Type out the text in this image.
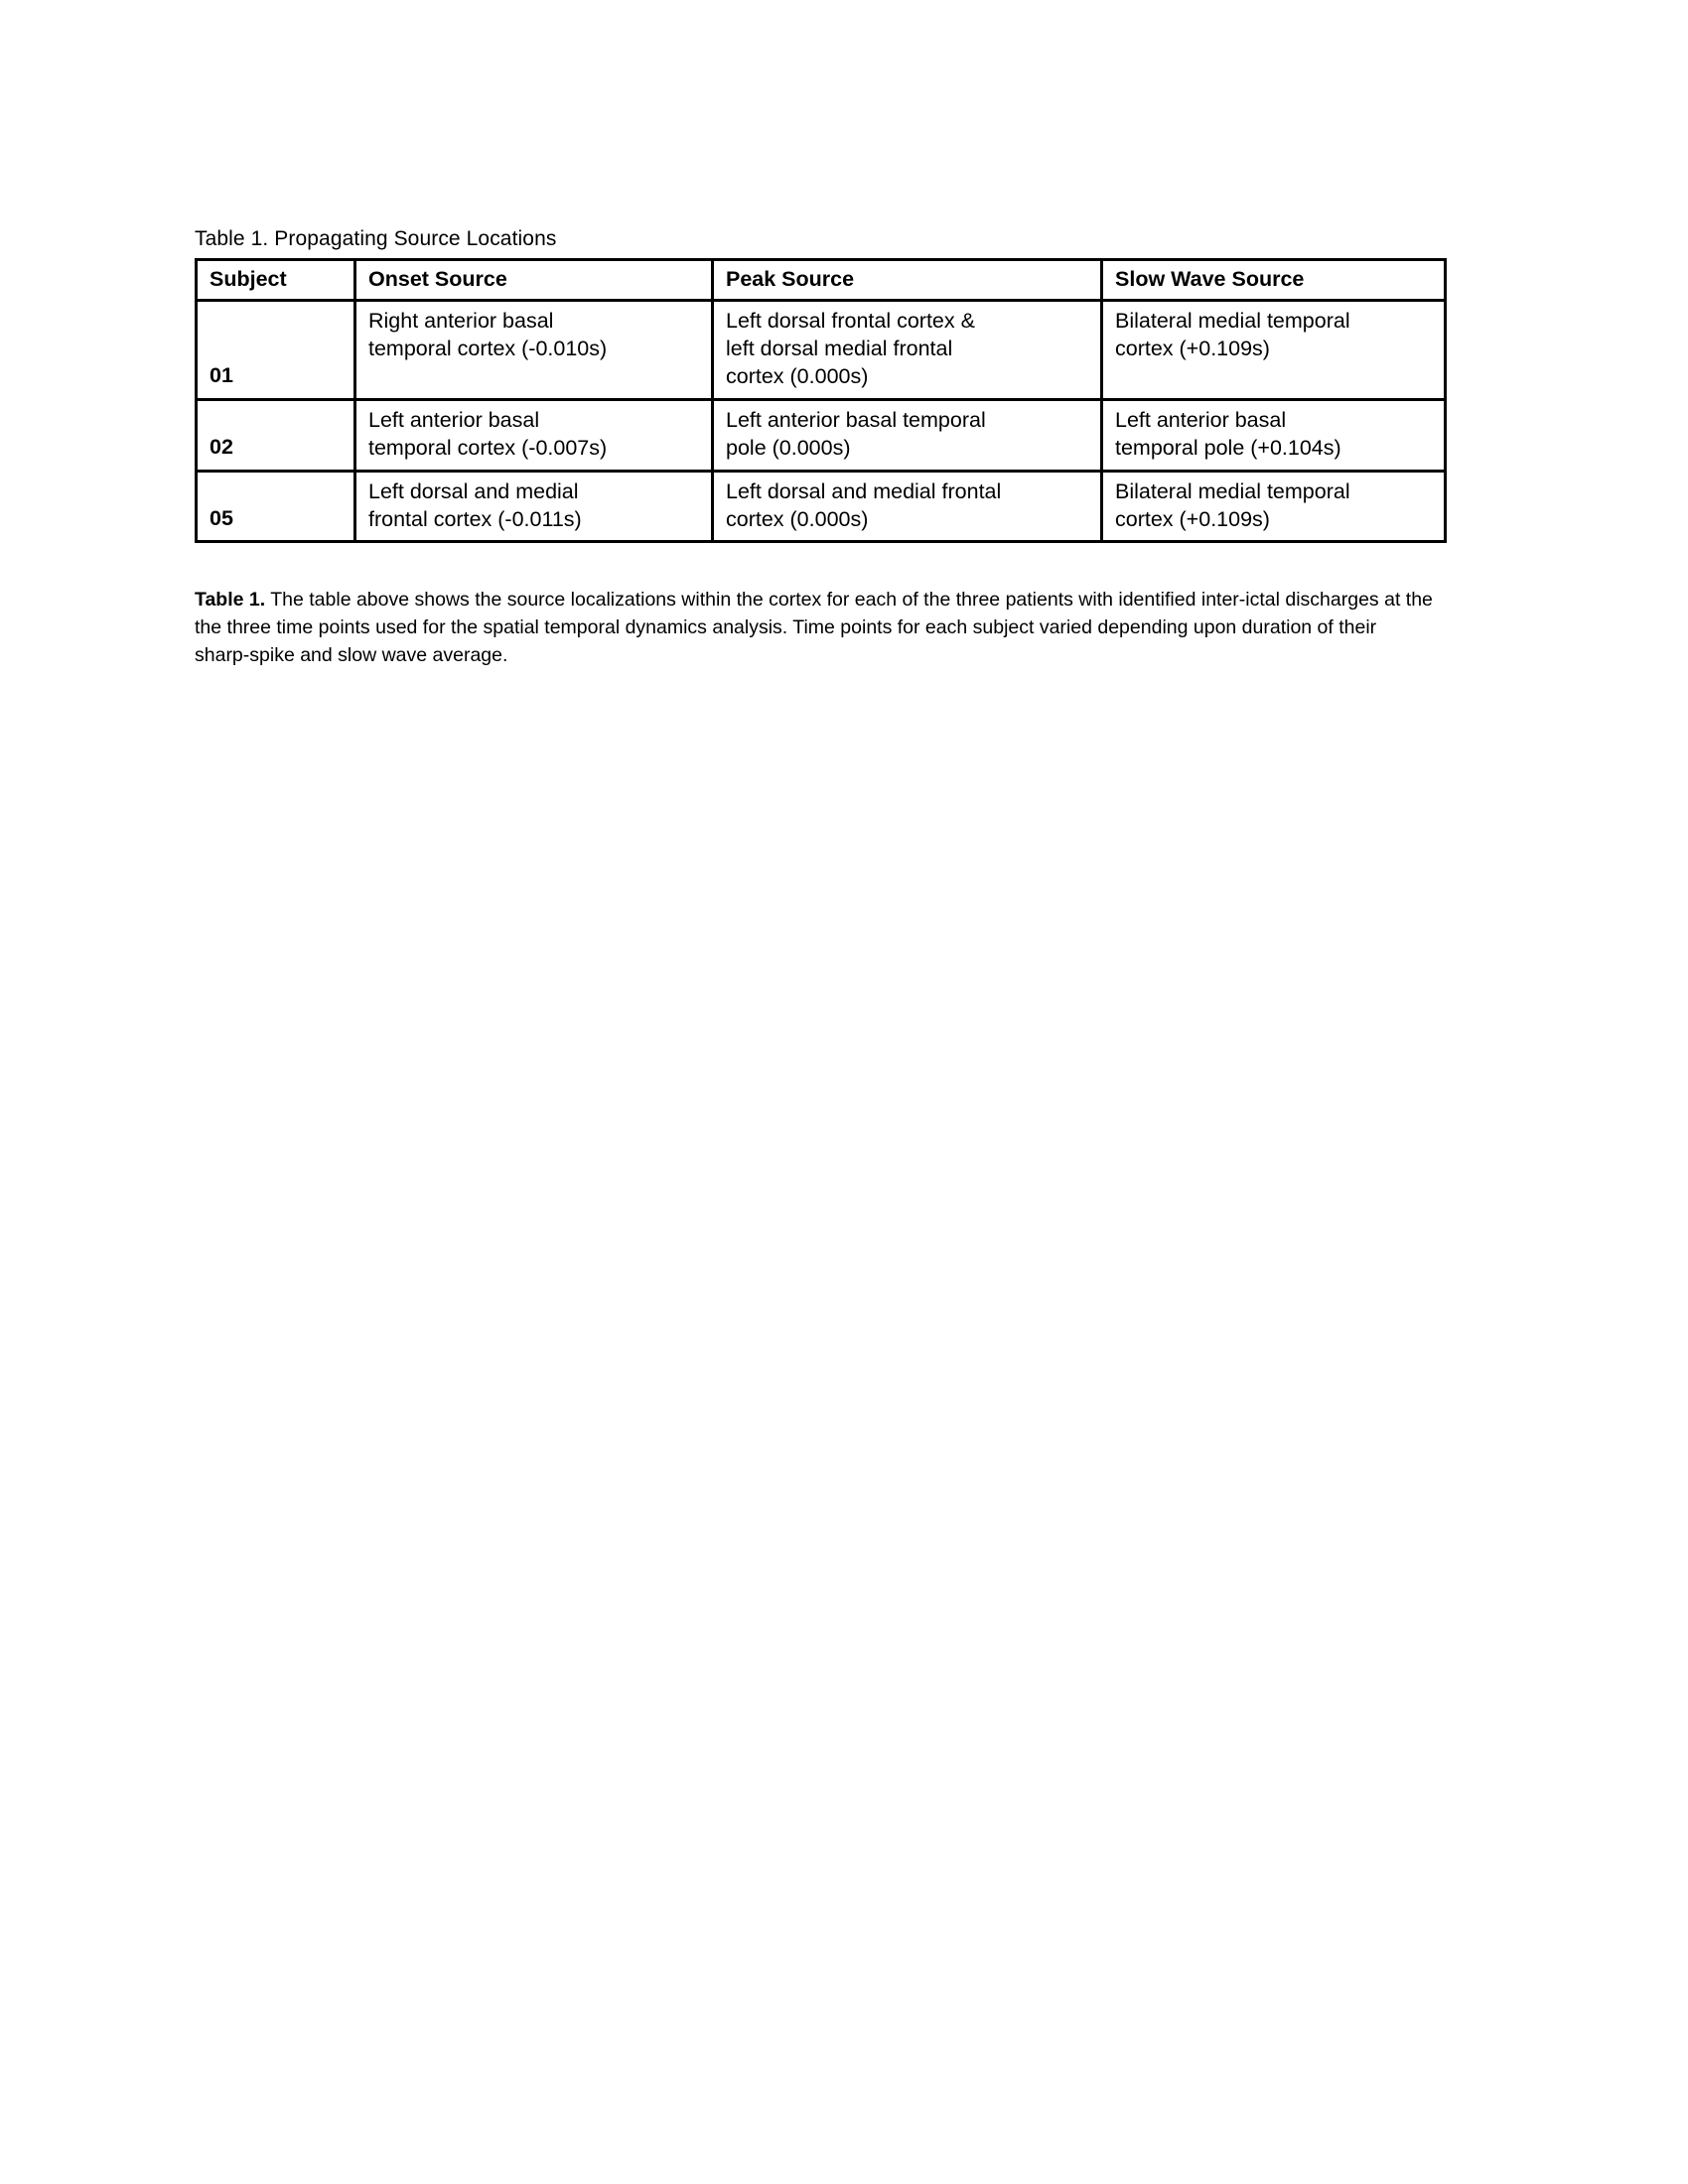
Table 1. Propagating Source Locations
Subject	Onset Source	Peak Source	Slow Wave Source
01	Right anterior basal
temporal cortex (-0.010s)	Left dorsal frontal cortex &
left dorsal medial frontal
cortex (0.000s)	Bilateral medial temporal
cortex (+0.109s)

02	Left anterior basal
temporal cortex (-0.007s)	Left anterior basal temporal
pole (0.000s)	Left anterior basal
temporal pole (+0.104s)

05	Left dorsal and medial
frontal cortex (-0.011s)	Left dorsal and medial frontal
cortex (0.000s)	Bilateral medial temporal
cortex (+0.109s)

Table 1. The table above shows the source localizations within the cortex for each of the three patients with identified inter-ictal discharges at the the three time points used for the spatial temporal dynamics analysis. Time points for each subject varied depending upon duration of their sharp-spike and slow wave average.
